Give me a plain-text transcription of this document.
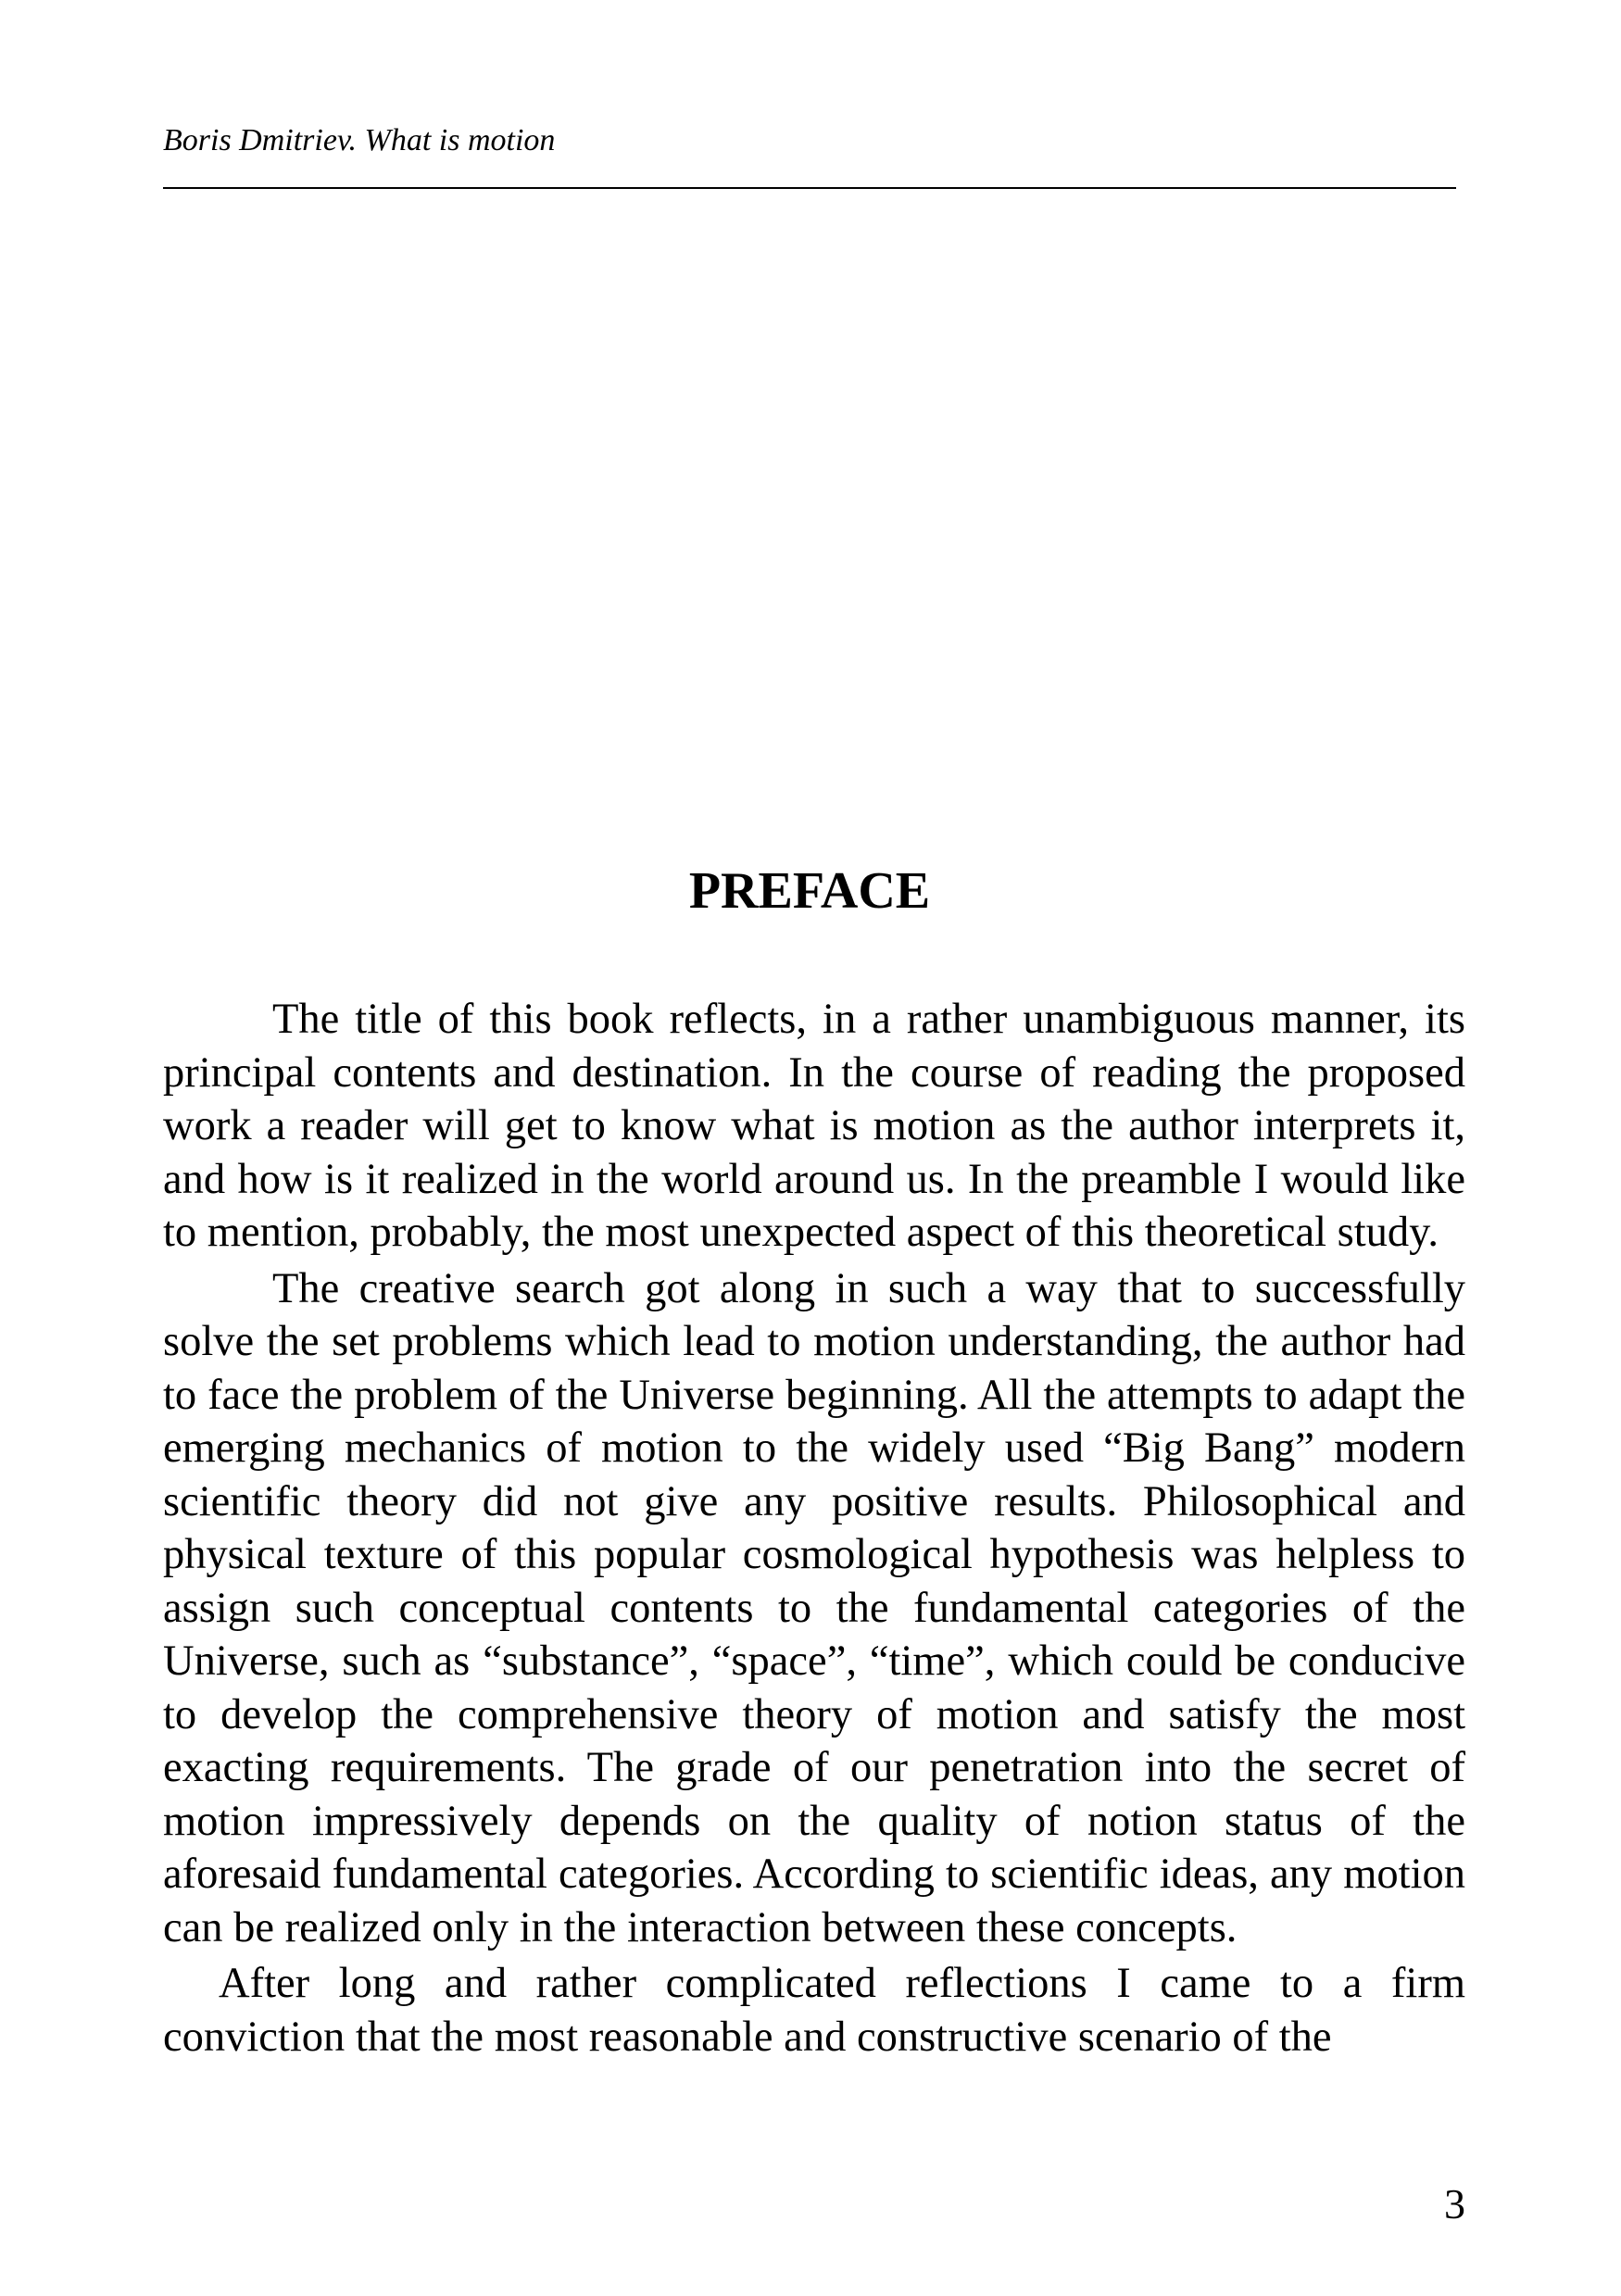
Boris Dmitriev. What is motion
PREFACE

The title of this book reflects, in a rather unambiguous manner, its principal contents and destination. In the course of reading the proposed work a reader will get to know what is motion as the author interprets it, and how is it realized in the world around us. In the preamble I would like to mention, probably, the most unexpected aspect of this theoretical study.

The creative search got along in such a way that to successfully solve the set problems which lead to motion understanding, the author had to face the problem of the Universe beginning. All the attempts to adapt the emerging mechanics of motion to the widely used “Big Bang” modern scientific theory did not give any positive results. Philosophical and physical texture of this popular cosmological hypothesis was helpless to assign such conceptual contents to the fundamental categories of the Universe, such as “substance”, “space”, “time”, which could be conducive to develop the comprehensive theory of motion and satisfy the most exacting requirements. The grade of our penetration into the secret of motion impressively depends on the quality of notion status of the aforesaid fundamental categories. According to scientific ideas, any motion can be realized only in the interaction between these concepts.

After long and rather complicated reflections I came to a firm conviction that the most reasonable and constructive scenario of the

3
